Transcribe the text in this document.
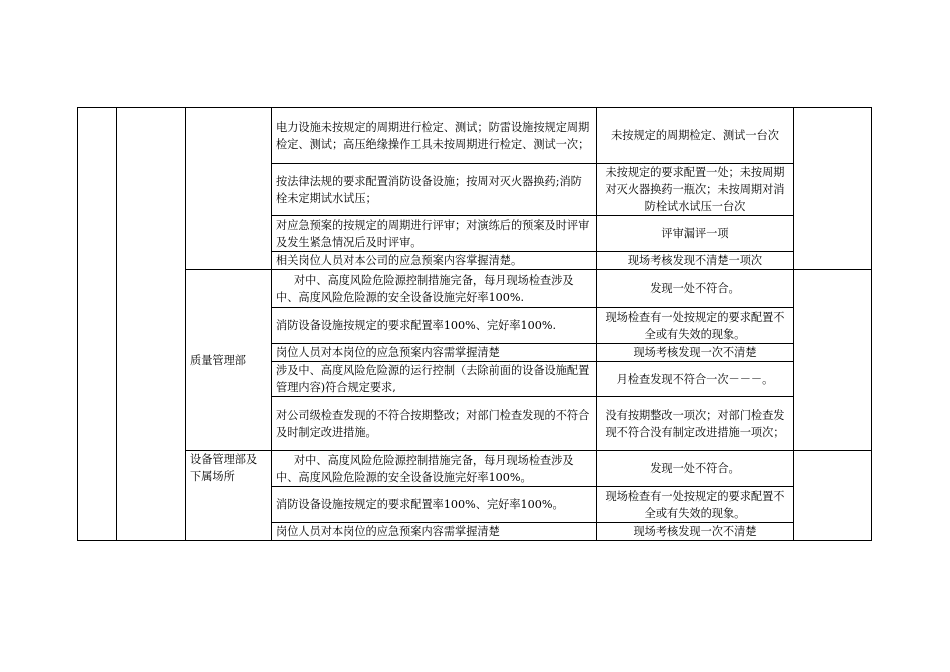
			电力设施未按规定的周期进行检定、测试；防雷设施按规定周期检定、测试；高压绝缘操作工具未按周期进行检定、测试一次；	未按规定的周期检定、测试一台次	
			按法律法规的要求配置消防设备设施；按周对灭火器换药;消防栓未定期试水试压；	未按规定的要求配置一处；未按周期对灭火器换药一瓶次；未按周期对消防栓试水试压一台次	
			对应急预案的按规定的周期进行评审；对演练后的预案及时评审及发生紧急情况后及时评审。	评审漏评一项	
			相关岗位人员对本公司的应急预案内容掌握清楚。	现场考核发现不清楚一项次	
		质量管理部	对中、高度风险危险源控制措施完备，每月现场检查涉及中、高度风险危险源的安全设备设施完好率100%.	发现一处不符合。	
			消防设备设施按规定的要求配置率100%、完好率100%.	现场检查有一处按规定的要求配置不全或有失效的现象。	
			岗位人员对本岗位的应急预案内容需掌握清楚	现场考核发现一次不清楚	
			涉及中、高度风险危险源的运行控制（去除前面的设备设施配置管理内容)符合规定要求,	月检查发现不符合一次－－－。	
			对公司级检查发现的不符合按期整改；对部门检查发现的不符合及时制定改进措施。	没有按期整改一项次；对部门检查发现不符合没有制定改进措施一项次；	
		设备管理部及下属场所	对中、高度风险危险源控制措施完备，每月现场检查涉及中、高度风险危险源的安全设备设施完好率100%。	发现一处不符合。	
			消防设备设施按规定的要求配置率100%、完好率100%。	现场检查有一处按规定的要求配置不全或有失效的现象。	
			岗位人员对本岗位的应急预案内容需掌握清楚	现场考核发现一次不清楚	
